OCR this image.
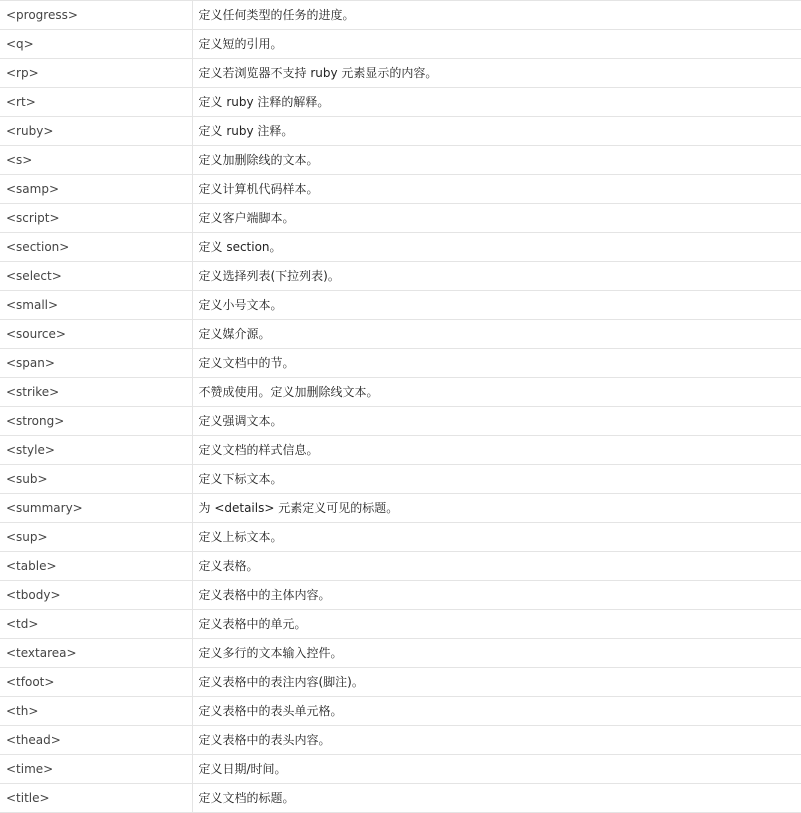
<progress>	定义任何类型的任务的进度。
<q>	定义短的引用。
<rp>	定义若浏览器不支持 ruby 元素显示的内容。
<rt>	定义 ruby 注释的解释。
<ruby>	定义 ruby 注释。
<s>	定义加删除线的文本。
<samp>	定义计算机代码样本。
<script>	定义客户端脚本。
<section>	定义 section。
<select>	定义选择列表(下拉列表)。
<small>	定义小号文本。
<source>	定义媒介源。
<span>	定义文档中的节。
<strike>	不赞成使用。定义加删除线文本。
<strong>	定义强调文本。
<style>	定义文档的样式信息。
<sub>	定义下标文本。
<summary>	为 <details> 元素定义可见的标题。
<sup>	定义上标文本。
<table>	定义表格。
<tbody>	定义表格中的主体内容。
<td>	定义表格中的单元。
<textarea>	定义多行的文本输入控件。
<tfoot>	定义表格中的表注内容(脚注)。
<th>	定义表格中的表头单元格。
<thead>	定义表格中的表头内容。
<time>	定义日期/时间。
<title>	定义文档的标题。
